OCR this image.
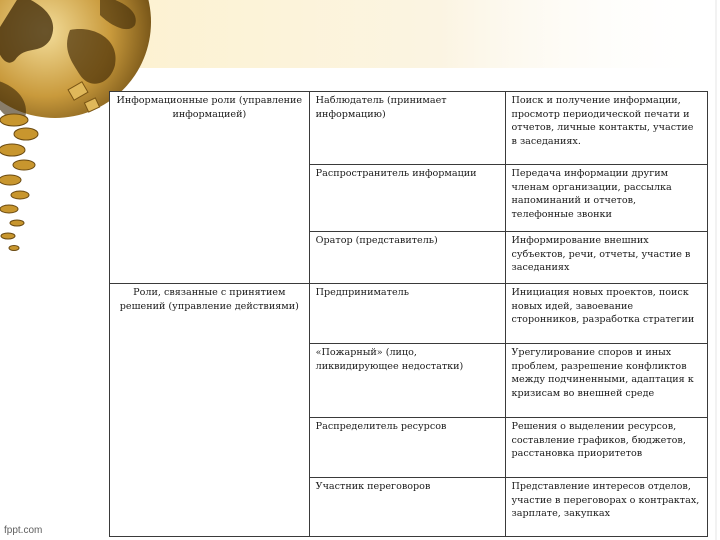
fppt.com
Информационные роли (управление информацией)	Наблюдатель (принимает информацию)	Поиск и получение информации, просмотр периодической печати и отчетов, личные контакты, участие в заседаниях.
	Распространитель информации	Передача информации другим членам организации, рассылка напоминаний и отчетов, телефонные звонки
	Оратор (представитель)	Информирование внешних субъектов, речи, отчеты, участие в заседаниях
Роли, связанные с принятием решений (управление действиями)	Предприниматель	Инициация новых проектов, поиск новых идей, завоевание сторонников, разработка стратегии
	«Пожарный» (лицо, ликвидирующее недостатки)	Урегулирование споров и иных проблем, разрешение конфликтов между подчиненными, адаптация к кризисам во внешней среде
	Распределитель ресурсов	Решения о выделении ресурсов, составление графиков, бюджетов, расстановка приоритетов
	Участник переговоров	Представление интересов отделов, участие в переговорах о контрактах, зарплате, закупках
